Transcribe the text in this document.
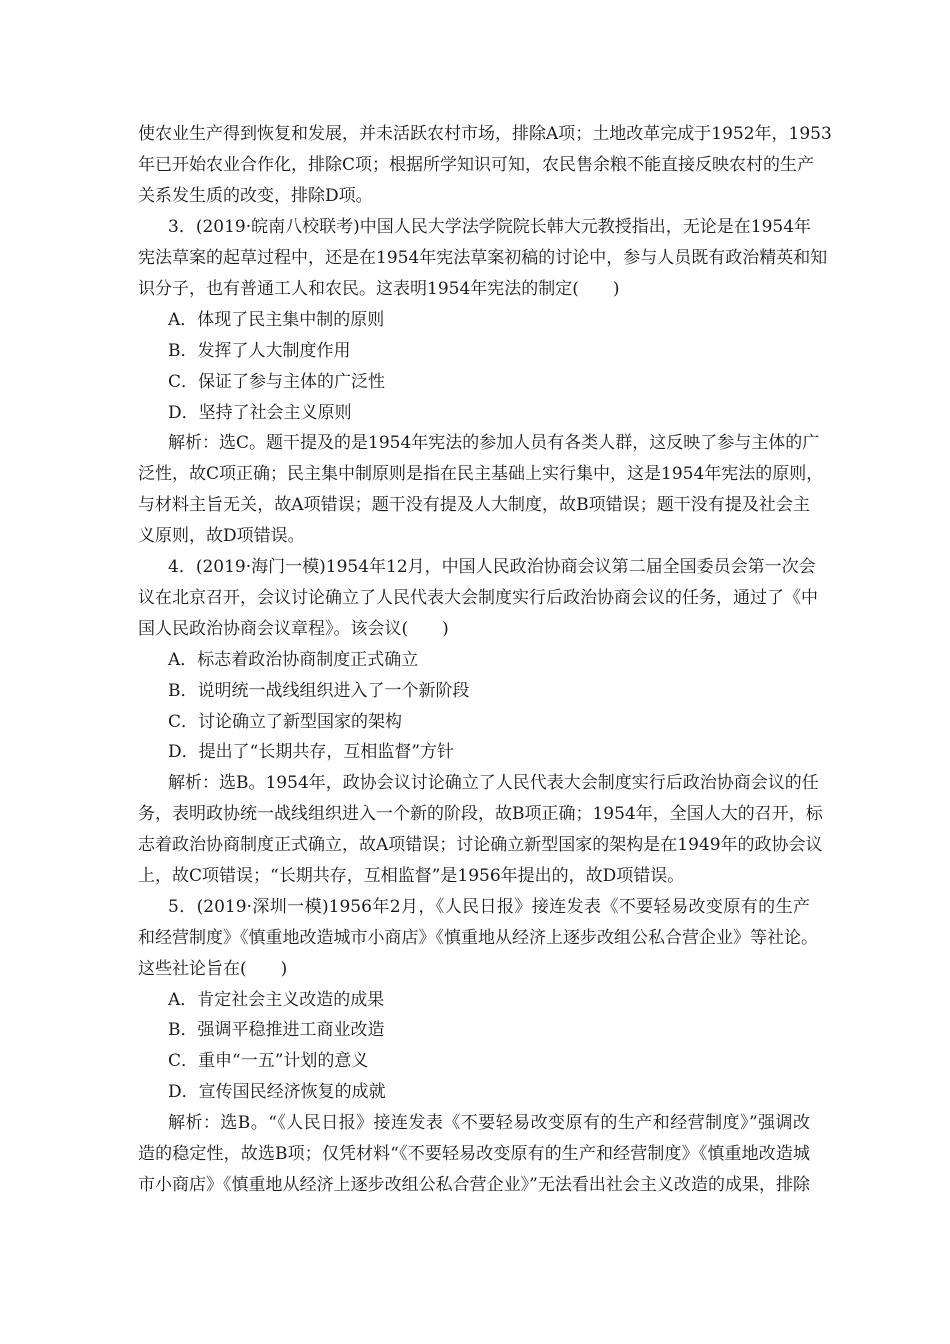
使农业生产得到恢复和发展，并未活跃农村市场，排除A项；土地改革完成于1952年，1953
年已开始农业合作化，排除C项；根据所学知识可知，农民售余粮不能直接反映农村的生产
关系发生质的改变，排除D项。
3．(2019·皖南八校联考)中国人民大学法学院院长韩大元教授指出，无论是在1954年
宪法草案的起草过程中，还是在1954年宪法草案初稿的讨论中，参与人员既有政治精英和知
识分子，也有普通工人和农民。这表明1954年宪法的制定(　　)
A．体现了民主集中制的原则
B．发挥了人大制度作用
C．保证了参与主体的广泛性
D．坚持了社会主义原则
解析：选C。题干提及的是1954年宪法的参加人员有各类人群，这反映了参与主体的广
泛性，故C项正确；民主集中制原则是指在民主基础上实行集中，这是1954年宪法的原则，
与材料主旨无关，故A项错误；题干没有提及人大制度，故B项错误；题干没有提及社会主
义原则，故D项错误。
4．(2019·海门一模)1954年12月，中国人民政治协商会议第二届全国委员会第一次会
议在北京召开，会议讨论确立了人民代表大会制度实行后政治协商会议的任务，通过了《中
国人民政治协商会议章程》。该会议(　　)
A．标志着政治协商制度正式确立
B．说明统一战线组织进入了一个新阶段
C．讨论确立了新型国家的架构
D．提出了“长期共存，互相监督”方针
解析：选B。1954年，政协会议讨论确立了人民代表大会制度实行后政治协商会议的任
务，表明政协统一战线组织进入一个新的阶段，故B项正确；1954年，全国人大的召开，标
志着政治协商制度正式确立，故A项错误；讨论确立新型国家的架构是在1949年的政协会议
上，故C项错误；“长期共存，互相监督”是1956年提出的，故D项错误。
5．(2019·深圳一模)1956年2月，《人民日报》接连发表《不要轻易改变原有的生产
和经营制度》《慎重地改造城市小商店》《慎重地从经济上逐步改组公私合营企业》等社论。
这些社论旨在(　　)
A．肯定社会主义改造的成果
B．强调平稳推进工商业改造
C．重申“一五”计划的意义
D．宣传国民经济恢复的成就
解析：选B。“《人民日报》接连发表《不要轻易改变原有的生产和经营制度》”强调改
造的稳定性，故选B项；仅凭材料“《不要轻易改变原有的生产和经营制度》《慎重地改造城
市小商店》《慎重地从经济上逐步改组公私合营企业》”无法看出社会主义改造的成果，排除
